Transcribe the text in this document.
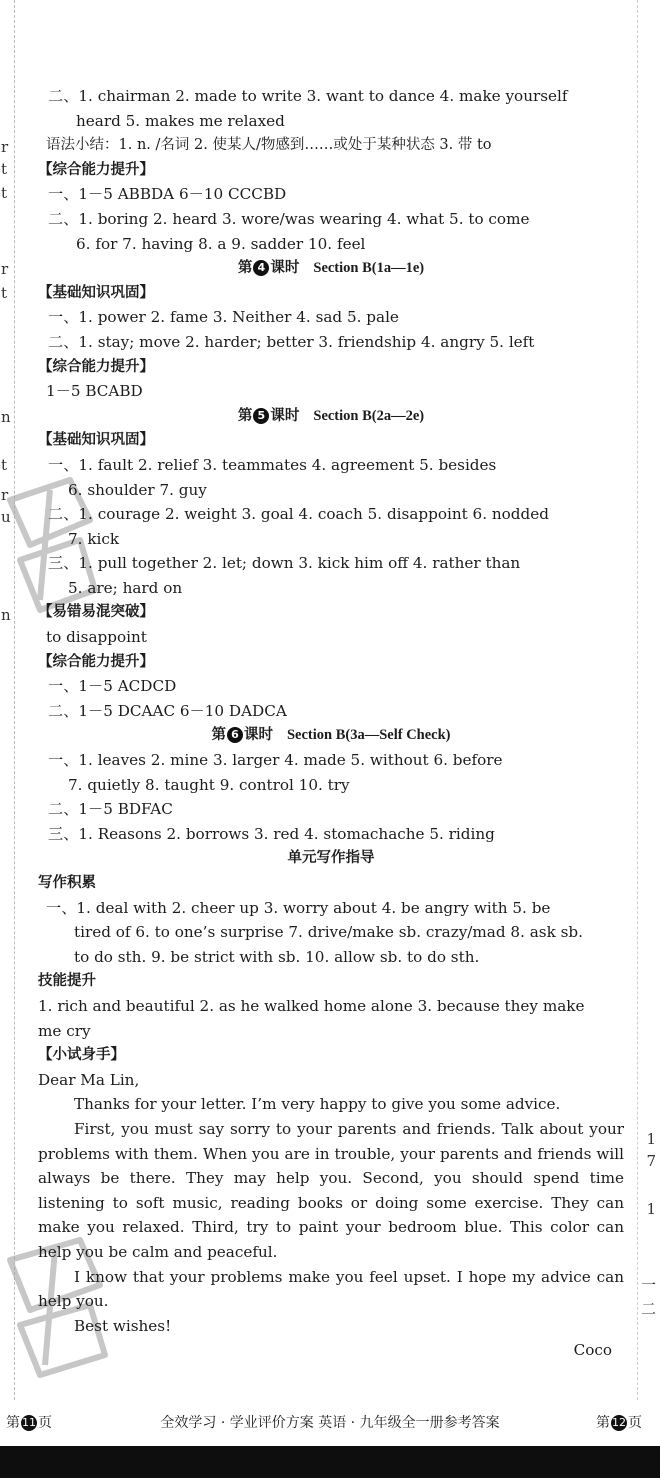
r
t
t
r
t
n
t
r
u
n
1
7
1
一
二
二、1. chairman 2. made to write 3. want to dance 4. make yourself
heard 5. makes me relaxed
语法小结：1. n. /名词 2. 使某人/物感到……或处于某种状态 3. 带 to
【综合能力提升】
一、1－5 ABBDA 6－10 CCCBD
二、1. boring 2. heard 3. wore/was wearing 4. what 5. to come
6. for 7. having 8. a 9. sadder 10. feel
第 4 课时 Section B(1a—1e)
【基础知识巩固】
一、1. power 2. fame 3. Neither 4. sad 5. pale
二、1. stay; move 2. harder; better 3. friendship 4. angry 5. left
【综合能力提升】
1－5 BCABD
第 5 课时 Section B(2a—2e)
【基础知识巩固】
一、1. fault 2. relief 3. teammates 4. agreement 5. besides
6. shoulder 7. guy
二、1. courage 2. weight 3. goal 4. coach 5. disappoint 6. nodded
7. kick
三、1. pull together 2. let; down 3. kick him off 4. rather than
5. are; hard on
【易错易混突破】
to disappoint
【综合能力提升】
一、1－5 ACDCD
二、1－5 DCAAC 6－10 DADCA
第 6 课时 Section B(3a—Self Check)
一、1. leaves 2. mine 3. larger 4. made 5. without 6. before
7. quietly 8. taught 9. control 10. try
二、1－5 BDFAC
三、1. Reasons 2. borrows 3. red 4. stomachache 5. riding
单元写作指导
写作积累
一、1. deal with 2. cheer up 3. worry about 4. be angry with 5. be
tired of 6. to one’s surprise 7. drive/make sb. crazy/mad 8. ask sb.
to do sth. 9. be strict with sb. 10. allow sb. to do sth.
技能提升
1. rich and beautiful 2. as he walked home alone 3. because they make
me cry
【小试身手】
Dear Ma Lin,
Thanks for your letter. I’m very happy to give you some advice.
First, you must say sorry to your parents and friends. Talk about your problems with them. When you are in trouble, your parents and friends will always be there. They may help you. Second, you should spend time listening to soft music, reading books or doing some exercise. They can make you relaxed. Third, try to paint your bedroom blue. This color can help you be calm and peaceful.
I know that your problems make you feel upset. I hope my advice can help you.
Best wishes!
Coco
第 11 页	全效学习 · 学业评价方案 英语 · 九年级全一册参考答案	第 12 页
